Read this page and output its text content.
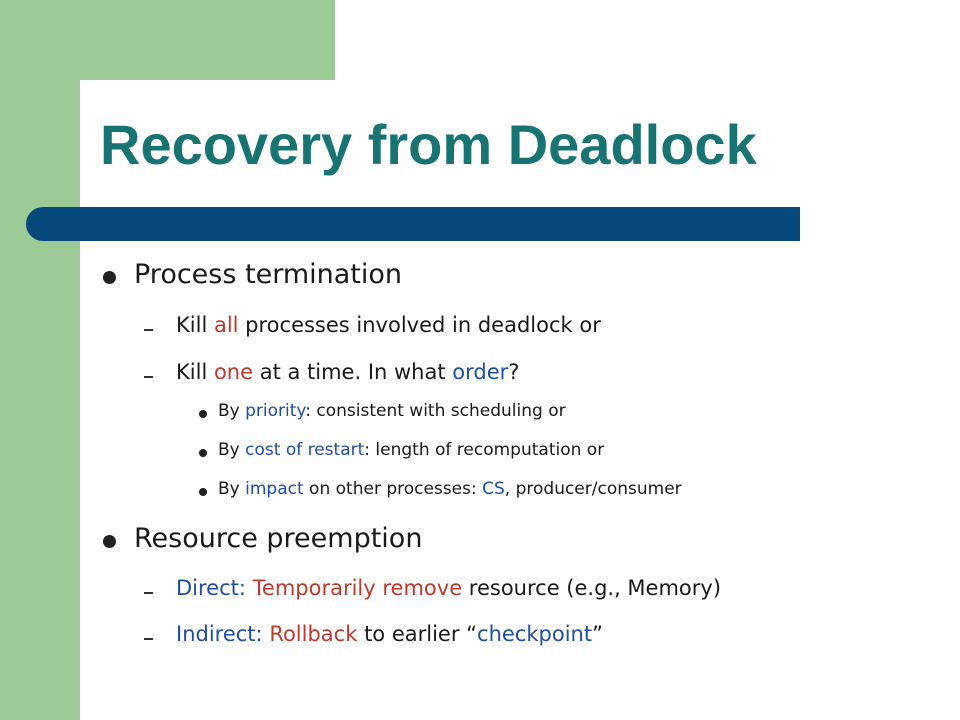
Recovery from Deadlock
Process termination
Kill all processes involved in deadlock or
Kill one at a time. In what order?
By priority: consistent with scheduling or
By cost of restart: length of recomputation or
By impact on other processes: CS, producer/consumer
Resource preemption
Direct: Temporarily remove resource (e.g., Memory)
Indirect: Rollback to earlier “checkpoint”
